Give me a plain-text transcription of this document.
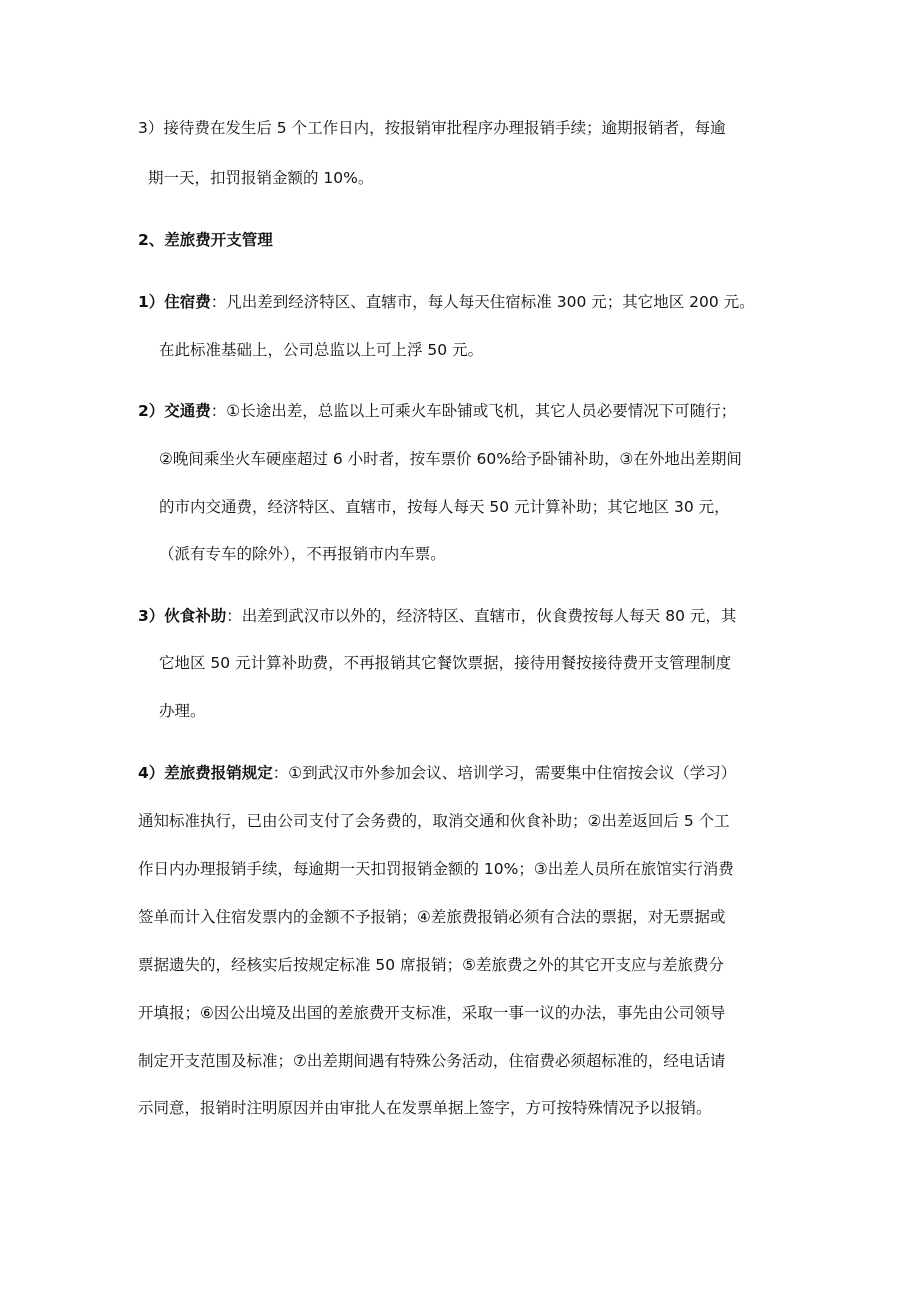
3）接待费在发生后 5 个工作日内，按报销审批程序办理报销手续；逾期报销者，每逾
期一天，扣罚报销金额的 10%。
2、差旅费开支管理
1）住宿费：凡出差到经济特区、直辖市，每人每天住宿标准 300 元；其它地区 200 元。
在此标准基础上，公司总监以上可上浮 50 元。
2）交通费：①长途出差，总监以上可乘火车卧铺或飞机，其它人员必要情况下可随行；
②晚间乘坐火车硬座超过 6 小时者，按车票价 60%给予卧铺补助，③在外地出差期间
的市内交通费，经济特区、直辖市，按每人每天 50 元计算补助；其它地区 30 元，
（派有专车的除外），不再报销市内车票。
3）伙食补助：出差到武汉市以外的，经济特区、直辖市，伙食费按每人每天 80 元，其
它地区 50 元计算补助费，不再报销其它餐饮票据，接待用餐按接待费开支管理制度
办理。
4）差旅费报销规定：①到武汉市外参加会议、培训学习，需要集中住宿按会议（学习）
通知标准执行，已由公司支付了会务费的，取消交通和伙食补助；②出差返回后 5 个工
作日内办理报销手续，每逾期一天扣罚报销金额的 10%；③出差人员所在旅馆实行消费
签单而计入住宿发票内的金额不予报销；④差旅费报销必须有合法的票据，对无票据或
票据遗失的，经核实后按规定标准 50 席报销；⑤差旅费之外的其它开支应与差旅费分
开填报；⑥因公出境及出国的差旅费开支标准，采取一事一议的办法，事先由公司领导
制定开支范围及标准；⑦出差期间遇有特殊公务活动，住宿费必须超标准的，经电话请
示同意，报销时注明原因并由审批人在发票单据上签字，方可按特殊情况予以报销。
